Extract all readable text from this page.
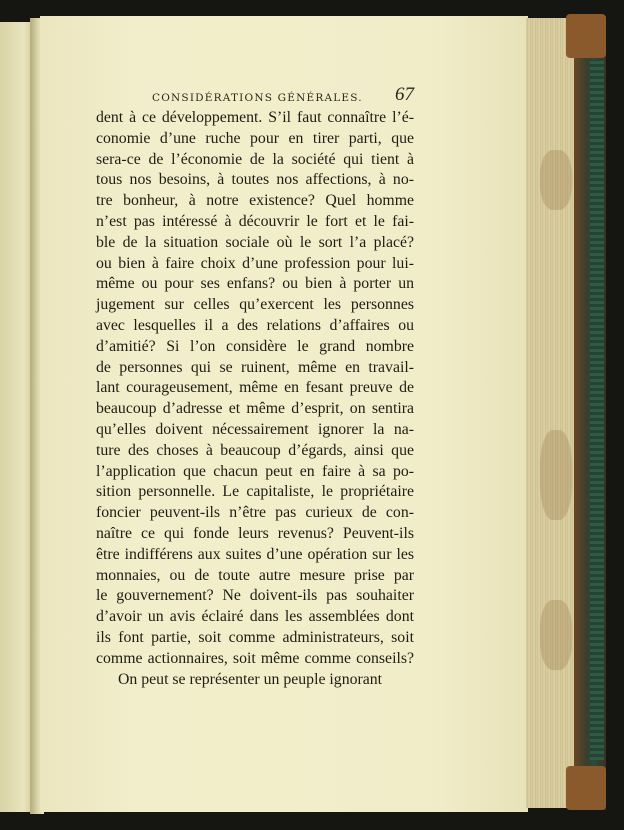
CONSIDÉRATIONS GÉNÉRALES. 67
dent à ce développement. S’il faut connaître l’é-
conomie d’une ruche pour en tirer parti, que
sera-ce de l’économie de la société qui tient à
tous nos besoins, à toutes nos affections, à no-
tre bonheur, à notre existence? Quel homme
n’est pas intéressé à découvrir le fort et le fai-
ble de la situation sociale où le sort l’a placé?
ou bien à faire choix d’une profession pour lui-
même ou pour ses enfans? ou bien à porter un
jugement sur celles qu’exercent les personnes
avec lesquelles il a des relations d’affaires ou
d’amitié? Si l’on considère le grand nombre
de personnes qui se ruinent, même en travail-
lant courageusement, même en fesant preuve de
beaucoup d’adresse et même d’esprit, on sentira
qu’elles doivent nécessairement ignorer la na-
ture des choses à beaucoup d’égards, ainsi que
l’application que chacun peut en faire à sa po-
sition personnelle. Le capitaliste, le propriétaire
foncier peuvent-ils n’être pas curieux de con-
naître ce qui fonde leurs revenus? Peuvent-ils
être indifférens aux suites d’une opération sur les
monnaies, ou de toute autre mesure prise par
le gouvernement? Ne doivent-ils pas souhaiter
d’avoir un avis éclairé dans les assemblées dont
ils font partie, soit comme administrateurs, soit
comme actionnaires, soit même comme conseils?
On peut se représenter un peuple ignorant
